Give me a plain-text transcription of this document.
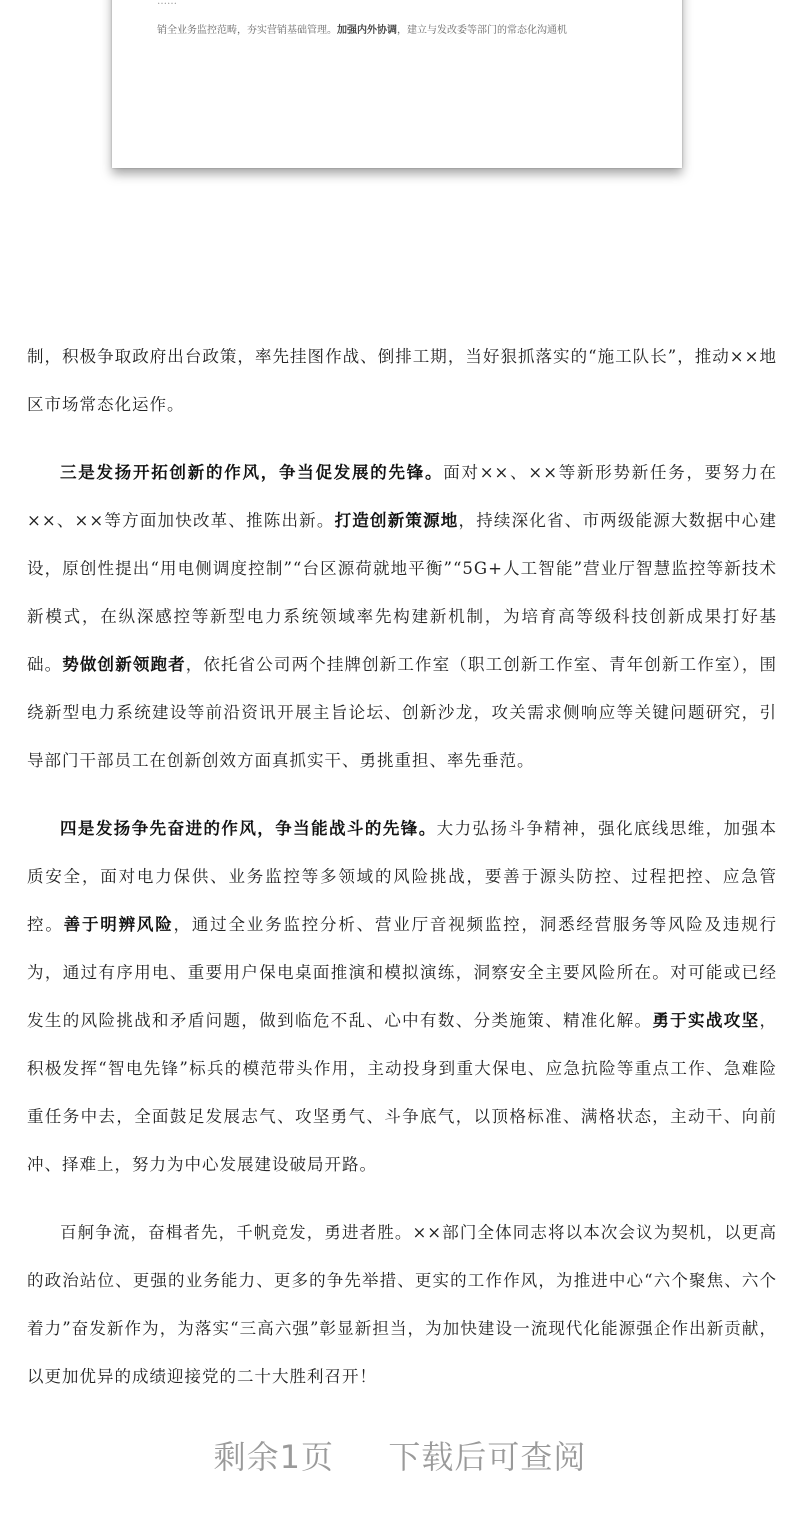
……
销全业务监控范畴，夯实营销基础管理。加强内外协调，建立与发改委等部门的常态化沟通机

制，积极争取政府出台政策，率先挂图作战、倒排工期，当好狠抓落实的“施工队长”，推动××地区市场常态化运作。

三是发扬开拓创新的作风，争当促发展的先锋。面对××、××等新形势新任务，要努力在××、××等方面加快改革、推陈出新。打造创新策源地，持续深化省、市两级能源大数据中心建设，原创性提出“用电侧调度控制”“台区源荷就地平衡”“5G+人工智能”营业厅智慧监控等新技术新模式，在纵深感控等新型电力系统领域率先构建新机制，为培育高等级科技创新成果打好基础。势做创新领跑者，依托省公司两个挂牌创新工作室（职工创新工作室、青年创新工作室），围绕新型电力系统建设等前沿资讯开展主旨论坛、创新沙龙，攻关需求侧响应等关键问题研究，引导部门干部员工在创新创效方面真抓实干、勇挑重担、率先垂范。

四是发扬争先奋进的作风，争当能战斗的先锋。大力弘扬斗争精神，强化底线思维，加强本质安全，面对电力保供、业务监控等多领域的风险挑战，要善于源头防控、过程把控、应急管控。善于明辨风险，通过全业务监控分析、营业厅音视频监控，洞悉经营服务等风险及违规行为，通过有序用电、重要用户保电桌面推演和模拟演练，洞察安全主要风险所在。对可能或已经发生的风险挑战和矛盾问题，做到临危不乱、心中有数、分类施策、精准化解。勇于实战攻坚，积极发挥“智电先锋”标兵的模范带头作用，主动投身到重大保电、应急抗险等重点工作、急难险重任务中去，全面鼓足发展志气、攻坚勇气、斗争底气，以顶格标准、满格状态，主动干、向前冲、择难上，努力为中心发展建设破局开路。

百舸争流，奋楫者先，千帆竞发，勇进者胜。××部门全体同志将以本次会议为契机，以更高的政治站位、更强的业务能力、更多的争先举措、更实的工作作风，为推进中心“六个聚焦、六个着力”奋发新作为，为落实“三高六强”彰显新担当，为加快建设一流现代化能源强企作出新贡献，以更加优异的成绩迎接党的二十大胜利召开！

剩余1页 下载后可查阅
